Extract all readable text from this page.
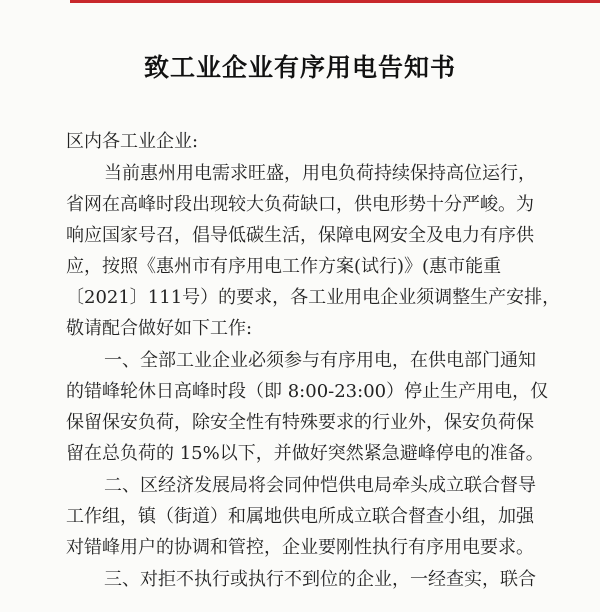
致工业企业有序用电告知书
区内各工业企业:
当前惠州用电需求旺盛，用电负荷持续保持高位运行，
省网在高峰时段出现较大负荷缺口，供电形势十分严峻。为
响应国家号召，倡导低碳生活，保障电网安全及电力有序供
应，按照《惠州市有序用电工作方案(试行)》(惠市能重
〔2021〕111号）的要求，各工业用电企业须调整生产安排，
敬请配合做好如下工作:
一、全部工业企业必须参与有序用电，在供电部门通知
的错峰轮休日高峰时段（即 8:00-23:00）停止生产用电，仅
保留保安负荷，除安全性有特殊要求的行业外，保安负荷保
留在总负荷的 15%以下，并做好突然紧急避峰停电的准备。
二、区经济发展局将会同仲恺供电局牵头成立联合督导
工作组，镇（街道）和属地供电所成立联合督查小组，加强
对错峰用户的协调和管控，企业要刚性执行有序用电要求。
三、对拒不执行或执行不到位的企业，一经查实，联合
